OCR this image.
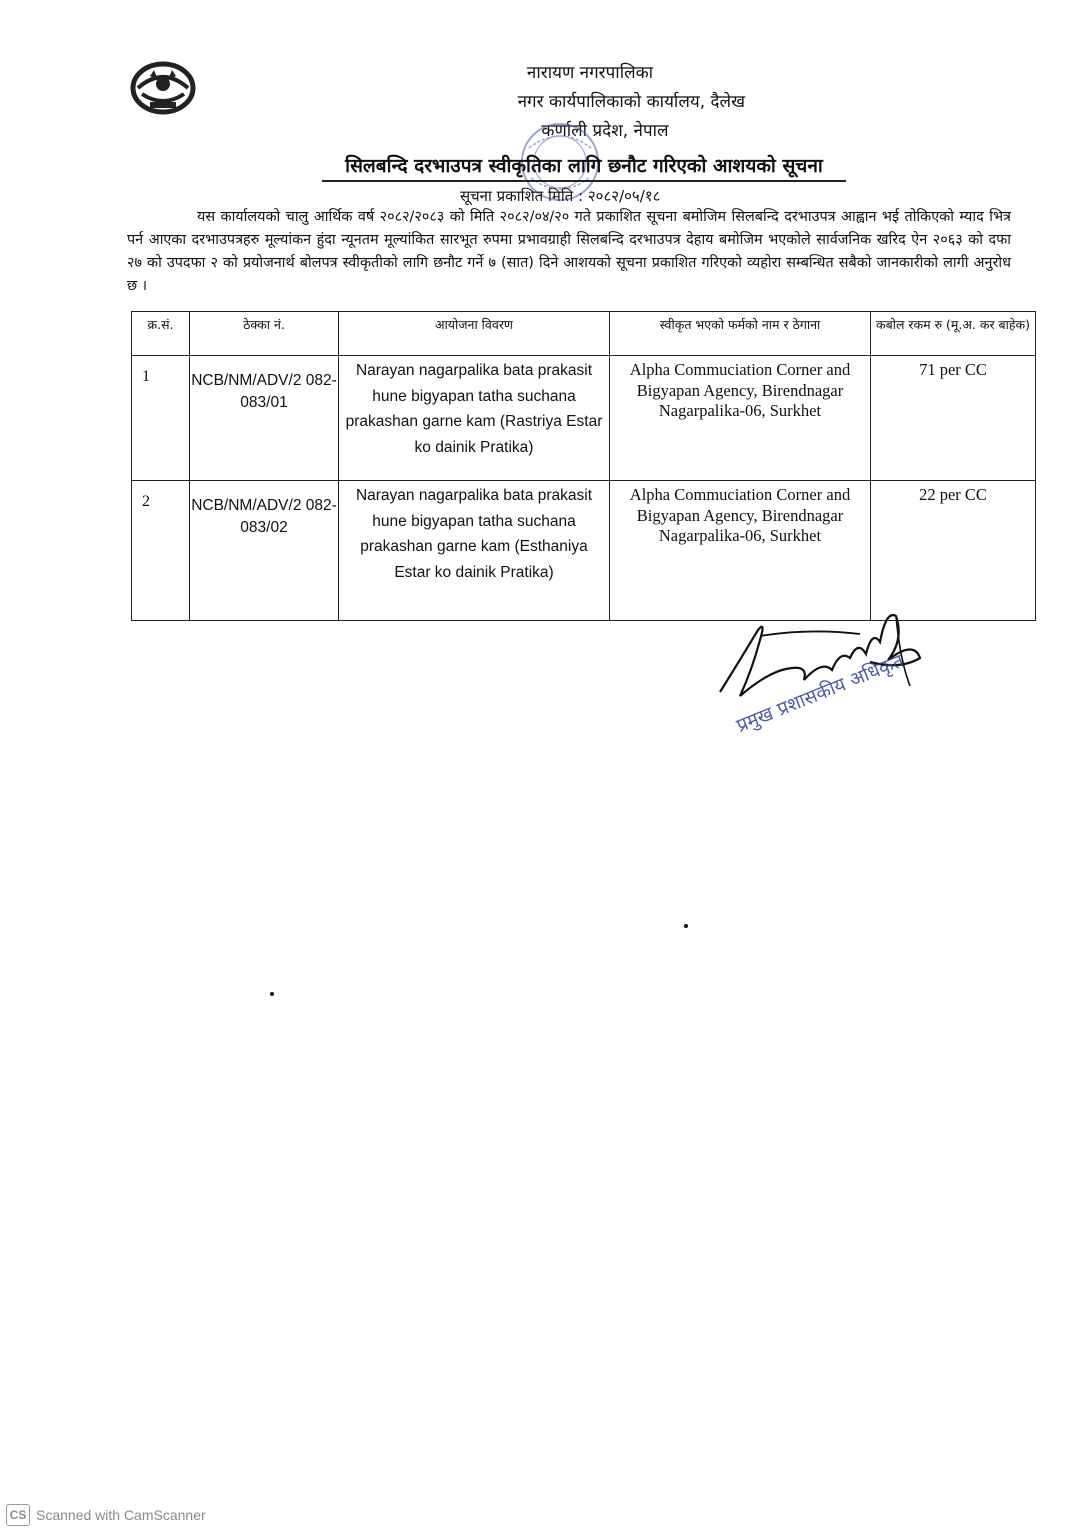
नारायण नगरपालिका
नगर कार्यपालिकाको कार्यालय, दैलेख
कर्णाली प्रदेश, नेपाल
सिलबन्दि दरभाउपत्र स्वीकृतिका लागि छनौट गरिएको आशयको सूचना
सूचना प्रकाशित मिति : २०८२/०५/१८
यस कार्यालयको चालु आर्थिक वर्ष २०८२/२०८३ को मिति २०८२/०४/२० गते प्रकाशित सूचना बमोजिम सिलबन्दि दरभाउपत्र आह्वान भई तोकिएको म्याद भित्र पर्न आएका दरभाउपत्रहरु मूल्यांकन हुंदा न्यूनतम मूल्यांकित सारभूत रुपमा प्रभावग्राही सिलबन्दि दरभाउपत्र देहाय बमोजिम भएकोले सार्वजनिक खरिद ऐन २०६३ को दफा २७ को उपदफा २ को प्रयोजनार्थ बोलपत्र स्वीकृतीको लागि छनौट गर्ने ७ (सात) दिने आशयको सूचना प्रकाशित गरिएको व्यहोरा सम्बन्धित सबैको जानकारीको लागी अनुरोध छ ।
क्र.सं.	ठेक्का नं.	आयोजना विवरण	स्वीकृत भएको फर्मको नाम र ठेगाना	कबोल रकम रु (मू.अ. कर बाहेक)
1	NCB/NM/ADV/2 082-083/01	Narayan nagarpalika bata prakasit hune bigyapan tatha suchana prakashan garne kam (Rastriya Estar ko dainik Pratika)	Alpha Commuciation Corner and Bigyapan Agency, Birendnagar Nagarpalika-06, Surkhet	71 per CC
2	NCB/NM/ADV/2 082-083/02	Narayan nagarpalika bata prakasit hune bigyapan tatha suchana prakashan garne kam (Esthaniya Estar ko dainik Pratika)	Alpha Commuciation Corner and Bigyapan Agency, Birendnagar Nagarpalika-06, Surkhet	22 per CC
प्रमुख प्रशासकीय अधिकृत
CS Scanned with CamScanner
